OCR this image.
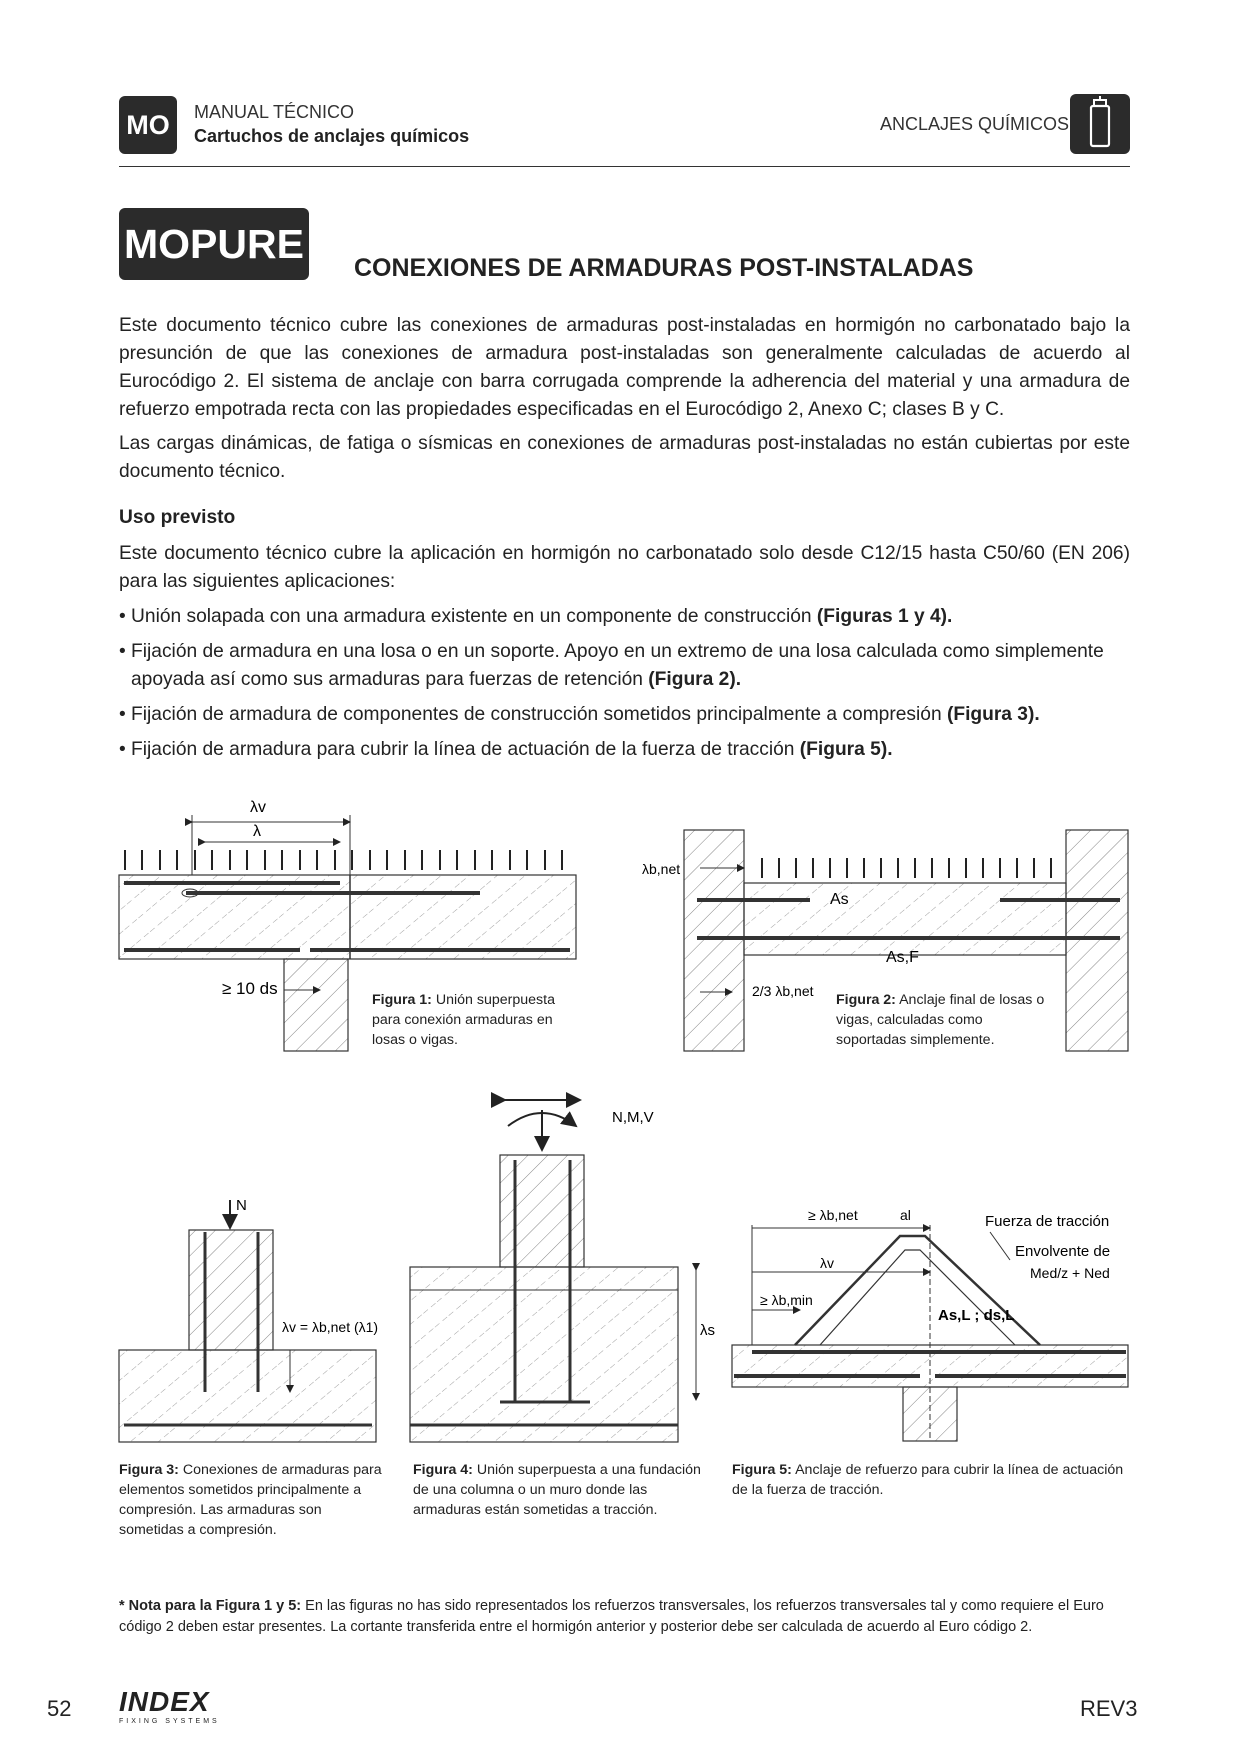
MO	MANUAL TÉCNICO
Cartuchos de anclajes químicos
ANCLAJES QUÍMICOS
MOPURE
CONEXIONES DE ARMADURAS POST-INSTALADAS
Este documento técnico cubre las conexiones de armaduras post-instaladas en hormigón no carbonatado bajo la presunción de que las conexiones de armadura post-instaladas son generalmente calculadas de acuerdo al Eurocódigo 2. El sistema de anclaje con barra corrugada comprende la adherencia del material y una armadura de refuerzo empotrada recta con las propiedades especificadas en el Eurocódigo 2, Anexo C; clases B y C.
Las cargas dinámicas, de fatiga o sísmicas en conexiones de armaduras post-instaladas no están cubiertas por este documento técnico.
Uso previsto
Este documento técnico cubre la aplicación en hormigón no carbonatado solo desde C12/15 hasta C50/60 (EN 206) para las siguientes aplicaciones:
• Unión solapada con una armadura existente en un componente de construcción (Figuras 1 y 4).
• Fijación de armadura en una losa o en un soporte. Apoyo en un extremo de una losa calculada como simplemente apoyada así como sus armaduras para fuerzas de retención (Figura 2).
• Fijación de armadura de componentes de construcción sometidos principalmente a compresión (Figura 3).
• Fijación de armadura para cubrir la línea de actuación de la fuerza de tracción (Figura 5).
λv
λ
≥ 10 ds
λb,net
As
As,F
2/3 λb,net
N
λv = λb,net (λ1)
N,M,V
λs
≥ λb,net	al
λv
≥ λb,min
Fuerza de tracción
Envolvente de
Med/z + Ned
As,L ; ds,L
Figura 1: Unión superpuesta para conexión armaduras en losas o vigas.
Figura 2: Anclaje final de losas o vigas, calculadas como soportadas simplemente.
Figura 3: Conexiones de armaduras para elementos sometidos principalmente a compresión. Las armaduras son sometidas a compresión.
Figura 4: Unión superpuesta a una fundación de una columna o un muro donde las armaduras están sometidas a tracción.
Figura 5: Anclaje de refuerzo para cubrir la línea de actuación de la fuerza de tracción.
* Nota para la Figura 1 y 5: En las figuras no has sido representados los refuerzos transversales, los refuerzos transversales tal y como requiere el Euro código 2 deben estar presentes. La cortante transferida entre el hormigón anterior y posterior debe ser calculada de acuerdo al Euro código 2.
52 INDEX
FIXING SYSTEMS
REV3
